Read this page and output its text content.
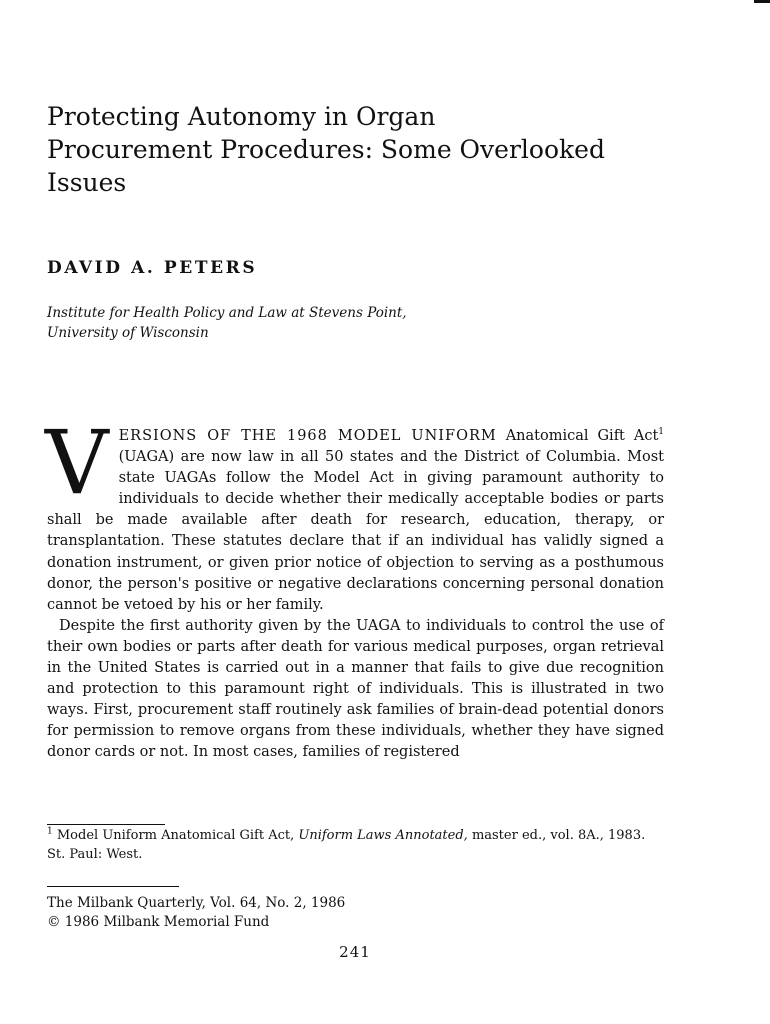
Protecting Autonomy in Organ Procurement Procedures: Some Overlooked Issues
DAVID A. PETERS
Institute for Health Policy and Law at Stevens Point,
University of Wisconsin

V ERSIONS OF THE 1968 MODEL UNIFORM Anatomical Gift Act$^1$ (UAGA) are now law in all 50 states and the District of Columbia. Most state UAGAs follow the Model Act in giving paramount authority to individuals to decide whether their medically acceptable bodies or parts shall be made available after death for research, education, therapy, or transplantation. These statutes declare that if an individual has validly signed a donation instrument, or given prior notice of objection to serving as a posthumous donor, the person's positive or negative declarations concerning personal donation cannot be vetoed by his or her family.

Despite the first authority given by the UAGA to individuals to control the use of their own bodies or parts after death for various medical purposes, organ retrieval in the United States is carried out in a manner that fails to give due recognition and protection to this paramount right of individuals. This is illustrated in two ways. First, procurement staff routinely ask families of brain-dead potential donors for permission to remove organs from these individuals, whether they have signed donor cards or not. In most cases, families of registered

$^1$ Model Uniform Anatomical Gift Act, Uniform Laws Annotated, master ed., vol. 8A., 1983. St. Paul: West.
The Milbank Quarterly, Vol. 64, No. 2, 1986
© 1986 Milbank Memorial Fund
241
